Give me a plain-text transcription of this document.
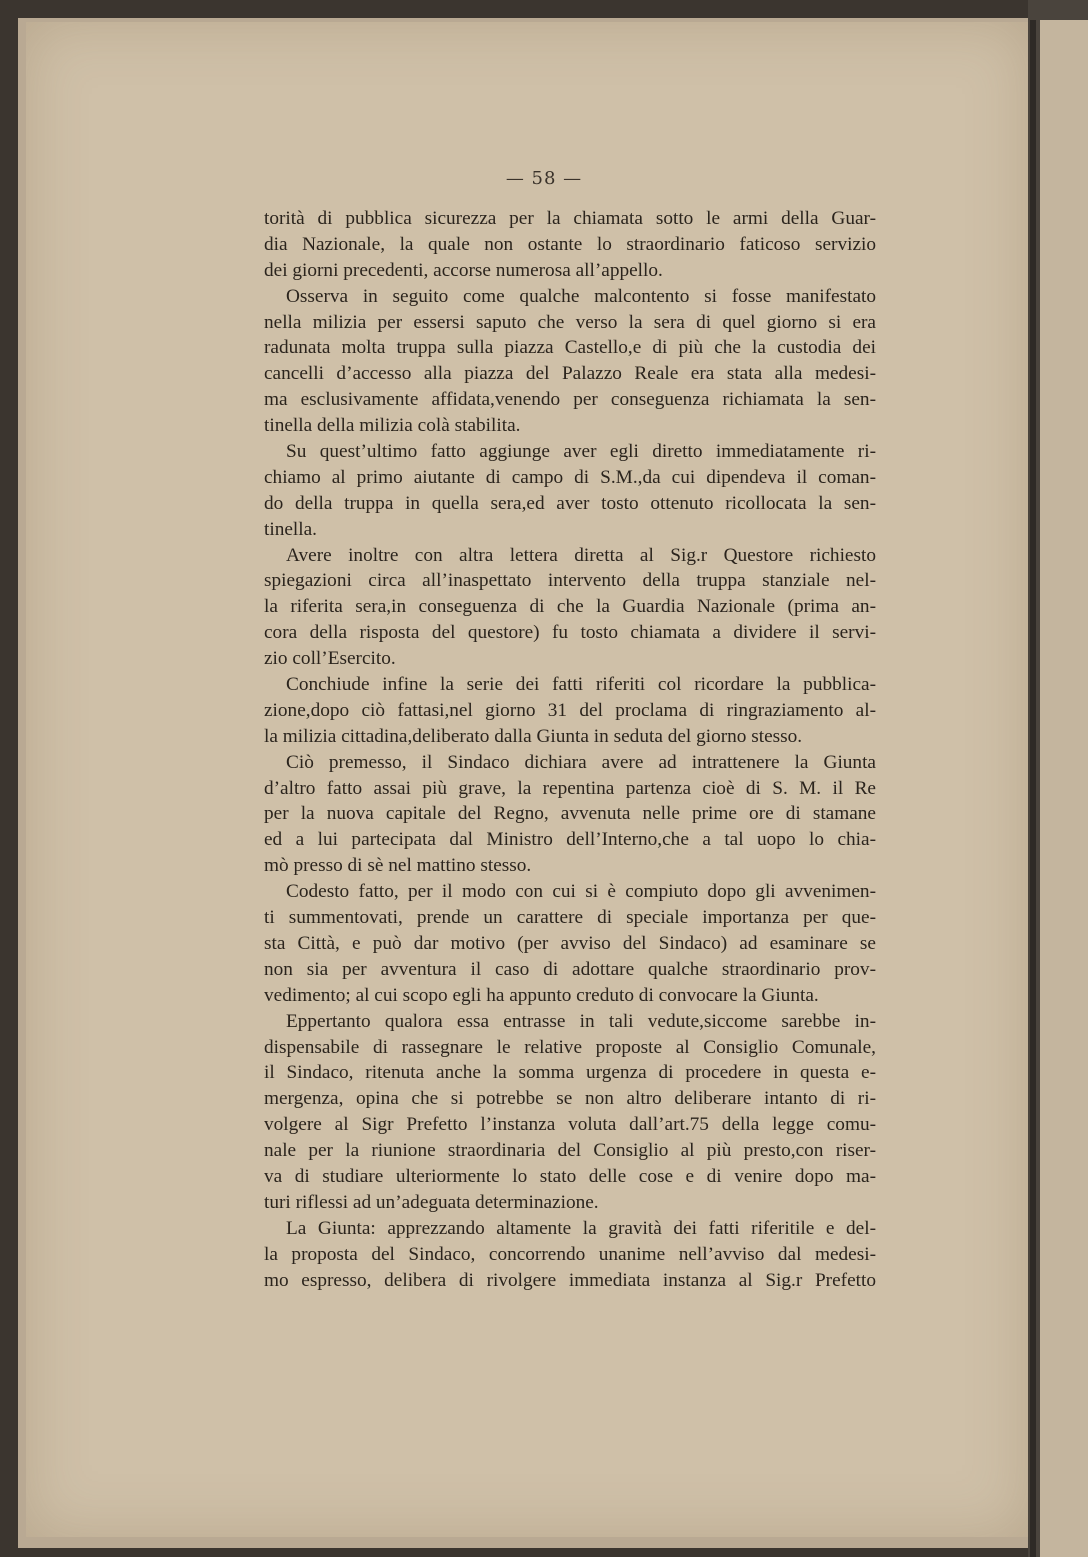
— 58 —
torità di pubblica sicurezza per la chiamata sotto le armi della Guar-
dia Nazionale, la quale non ostante lo straordinario faticoso servizio
dei giorni precedenti, accorse numerosa all’appello.
Osserva in seguito come qualche malcontento si fosse manifestato
nella milizia per essersi saputo che verso la sera di quel giorno si era
radunata molta truppa sulla piazza Castello,e di più che la custodia dei
cancelli d’accesso alla piazza del Palazzo Reale era stata alla medesi-
ma esclusivamente affidata,venendo per conseguenza richiamata la sen-
tinella della milizia colà stabilita.
Su quest’ultimo fatto aggiunge aver egli diretto immediatamente ri-
chiamo al primo aiutante di campo di S.M.,da cui dipendeva il coman-
do della truppa in quella sera,ed aver tosto ottenuto ricollocata la sen-
tinella.
Avere inoltre con altra lettera diretta al Sig.r Questore richiesto
spiegazioni circa all’inaspettato intervento della truppa stanziale nel-
la riferita sera,in conseguenza di che la Guardia Nazionale (prima an-
cora della risposta del questore) fu tosto chiamata a dividere il servi-
zio coll’Esercito.
Conchiude infine la serie dei fatti riferiti col ricordare la pubblica-
zione,dopo ciò fattasi,nel giorno 31 del proclama di ringraziamento al-
la milizia cittadina,deliberato dalla Giunta in seduta del giorno stesso.
Ciò premesso, il Sindaco dichiara avere ad intrattenere la Giunta
d’altro fatto assai più grave, la repentina partenza cioè di S. M. il Re
per la nuova capitale del Regno, avvenuta nelle prime ore di stamane
ed a lui partecipata dal Ministro dell’Interno,che a tal uopo lo chia-
mò presso di sè nel mattino stesso.
Codesto fatto, per il modo con cui si è compiuto dopo gli avvenimen-
ti summentovati, prende un carattere di speciale importanza per que-
sta Città, e può dar motivo (per avviso del Sindaco) ad esaminare se
non sia per avventura il caso di adottare qualche straordinario prov-
vedimento; al cui scopo egli ha appunto creduto di convocare la Giunta.
Eppertanto qualora essa entrasse in tali vedute,siccome sarebbe in-
dispensabile di rassegnare le relative proposte al Consiglio Comunale,
il Sindaco, ritenuta anche la somma urgenza di procedere in questa e-
mergenza, opina che si potrebbe se non altro deliberare intanto di ri-
volgere al Sigr Prefetto l’instanza voluta dall’art.75 della legge comu-
nale per la riunione straordinaria del Consiglio al più presto,con riser-
va di studiare ulteriormente lo stato delle cose e di venire dopo ma-
turi riflessi ad un’adeguata determinazione.
La Giunta: apprezzando altamente la gravità dei fatti riferitile e del-
la proposta del Sindaco, concorrendo unanime nell’avviso dal medesi-
mo espresso, delibera di rivolgere immediata instanza al Sig.r Prefetto
